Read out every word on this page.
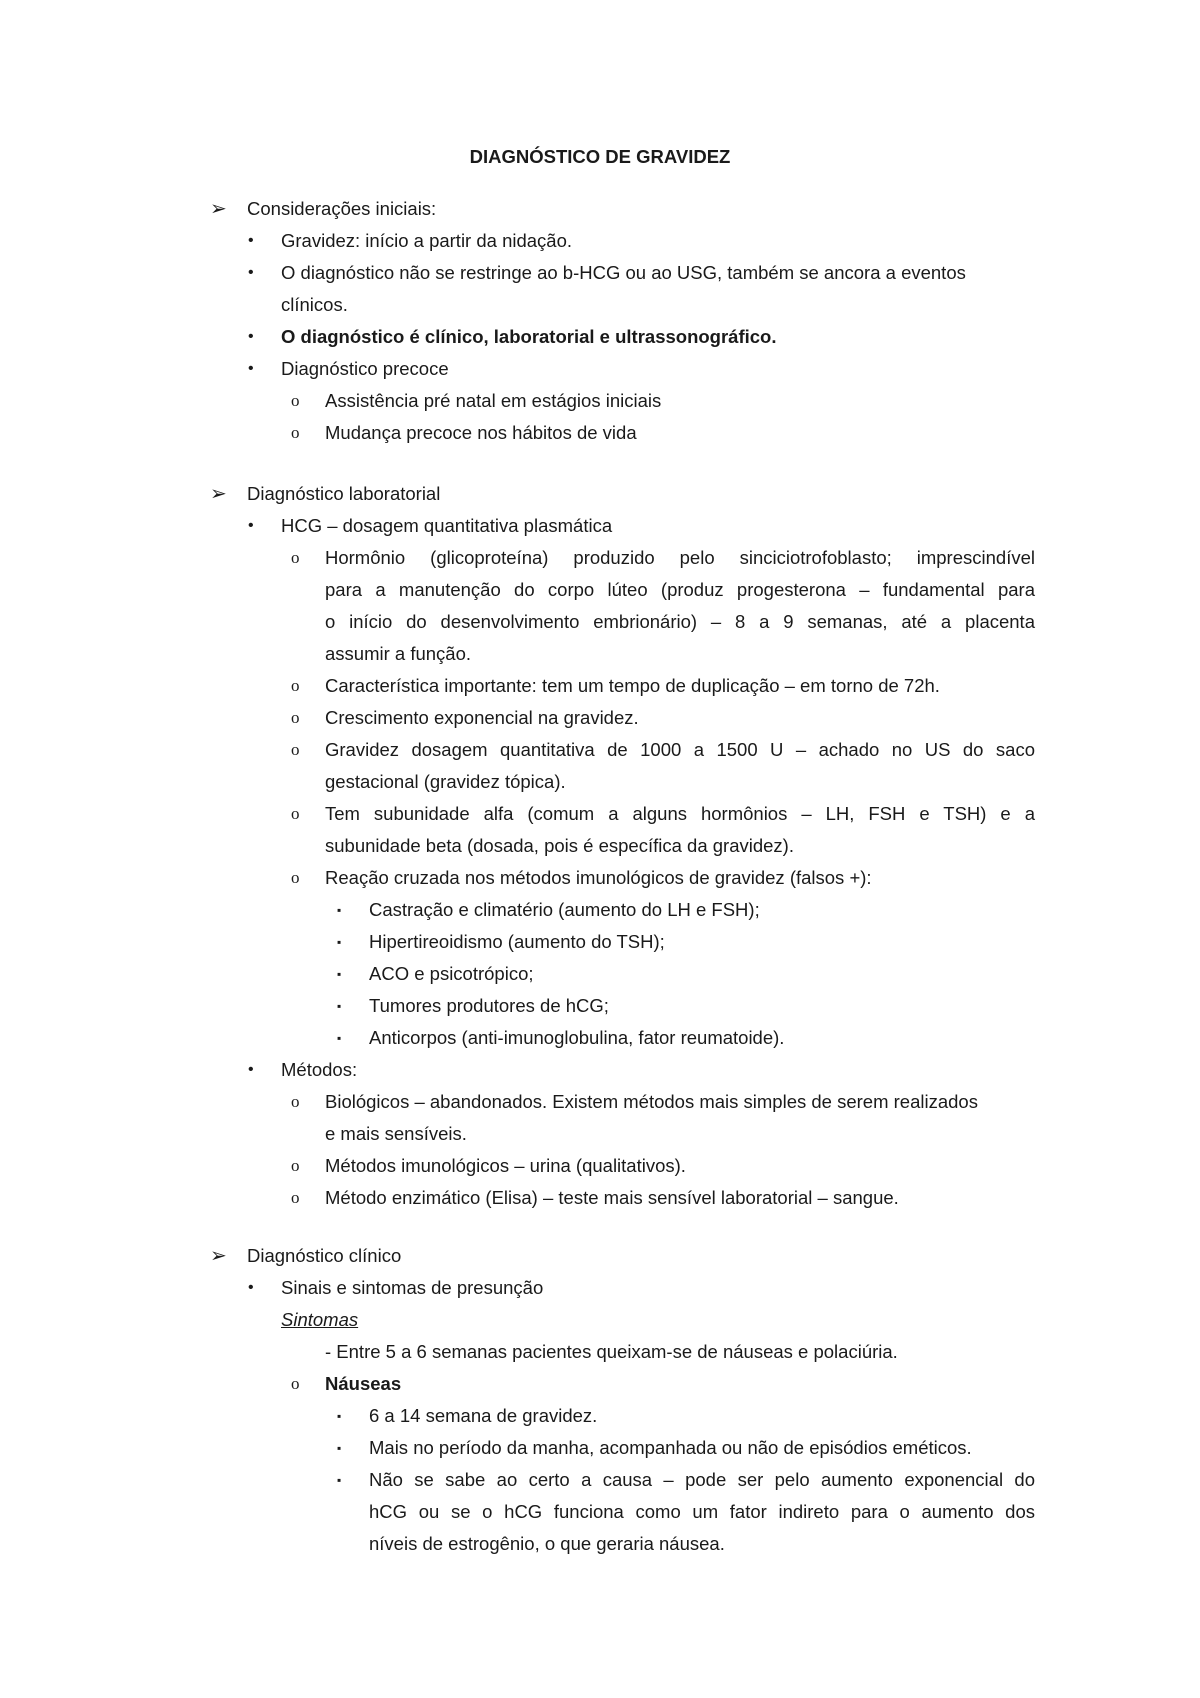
DIAGNÓSTICO DE GRAVIDEZ
➢ Considerações iniciais:
• Gravidez: início a partir da nidação.
• O diagnóstico não se restringe ao b-HCG ou ao USG, também se ancora a eventos
clínicos.
• O diagnóstico é clínico, laboratorial e ultrassonográfico.
• Diagnóstico precoce
o Assistência pré natal em estágios iniciais
o Mudança precoce nos hábitos de vida
➢ Diagnóstico laboratorial
• HCG – dosagem quantitativa plasmática
o Hormônio (glicoproteína) produzido pelo sinciciotrofoblasto; imprescindível
para a manutenção do corpo lúteo (produz progesterona – fundamental para
o início do desenvolvimento embrionário) – 8 a 9 semanas, até a placenta
assumir a função.
o Característica importante: tem um tempo de duplicação – em torno de 72h.
o Crescimento exponencial na gravidez.
o Gravidez dosagem quantitativa de 1000 a 1500 U – achado no US do saco
gestacional (gravidez tópica).
o Tem subunidade alfa (comum a alguns hormônios – LH, FSH e TSH) e a
subunidade beta (dosada, pois é específica da gravidez).
o Reação cruzada nos métodos imunológicos de gravidez (falsos +):
▪ Castração e climatério (aumento do LH e FSH);
▪ Hipertireoidismo (aumento do TSH);
▪ ACO e psicotrópico;
▪ Tumores produtores de hCG;
▪ Anticorpos (anti-imunoglobulina, fator reumatoide).
• Métodos:
o Biológicos – abandonados. Existem métodos mais simples de serem realizados
e mais sensíveis.
o Métodos imunológicos – urina (qualitativos).
o Método enzimático (Elisa) – teste mais sensível laboratorial – sangue.
➢ Diagnóstico clínico
• Sinais e sintomas de presunção
Sintomas
- Entre 5 a 6 semanas pacientes queixam-se de náuseas e polaciúria.
o Náuseas
▪ 6 a 14 semana de gravidez.
▪ Mais no período da manha, acompanhada ou não de episódios eméticos.
▪ Não se sabe ao certo a causa – pode ser pelo aumento exponencial do
hCG ou se o hCG funciona como um fator indireto para o aumento dos
níveis de estrogênio, o que geraria náusea.
